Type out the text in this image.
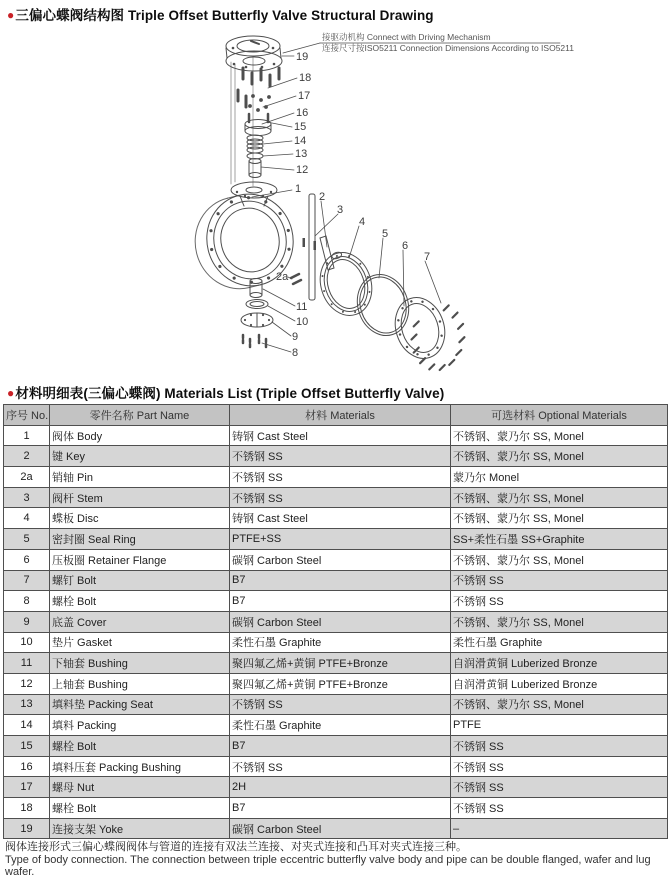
●三偏心蝶阀结构图 Triple Offset Butterfly Valve Structural Drawing
接驱动机构 Connect with Driving Mechanism
连接尺寸按ISO5211 Connection Dimensions According to ISO5211
19
18
17
16
15
14
13
12
1
2
3
4
5
6
7
2a
11
10
9
8
●材料明细表(三偏心蝶阀) Materials List (Triple Offset Butterfly Valve)
序号 No.	零件名称 Part Name	材料 Materials	可选材料 Optional Materials
1	阀体 Body	铸钢 Cast Steel	不锈钢、蒙乃尔 SS, Monel
2	键 Key	不锈钢 SS	不锈钢、蒙乃尔 SS, Monel
2a	销轴 Pin	不锈钢 SS	蒙乃尔 Monel
3	阀杆 Stem	不锈钢 SS	不锈钢、蒙乃尔 SS, Monel
4	蝶板 Disc	铸钢 Cast Steel	不锈钢、蒙乃尔 SS, Monel
5	密封圈 Seal Ring	PTFE+SS	SS+柔性石墨 SS+Graphite
6	压板圈 Retainer Flange	碳钢 Carbon Steel	不锈钢、蒙乃尔 SS, Monel
7	螺钉 Bolt	B7	不锈钢 SS
8	螺栓 Bolt	B7	不锈钢 SS
9	底盖 Cover	碳钢 Carbon Steel	不锈钢、蒙乃尔 SS, Monel
10	垫片 Gasket	柔性石墨 Graphite	柔性石墨 Graphite
11	下轴套 Bushing	聚四氟乙烯+黄铜 PTFE+Bronze	自润滑黄铜 Luberized Bronze
12	上轴套 Bushing	聚四氟乙烯+黄铜 PTFE+Bronze	自润滑黄铜 Luberized Bronze
13	填料垫 Packing Seat	不锈钢 SS	不锈钢、蒙乃尔 SS, Monel
14	填料 Packing	柔性石墨 Graphite	PTFE
15	螺栓 Bolt	B7	不锈钢 SS
16	填料压套 Packing Bushing	不锈钢 SS	不锈钢 SS
17	螺母 Nut	2H	不锈钢 SS
18	螺栓 Bolt	B7	不锈钢 SS
19	连接支架 Yoke	碳钢 Carbon Steel	–
阀体连接形式三偏心蝶阀阀体与管道的连接有双法兰连接、对夹式连接和凸耳对夹式连接三种。
Type of body connection. The connection between triple eccentric butterfly valve body and pipe can be double flanged, wafer and lug wafer.
